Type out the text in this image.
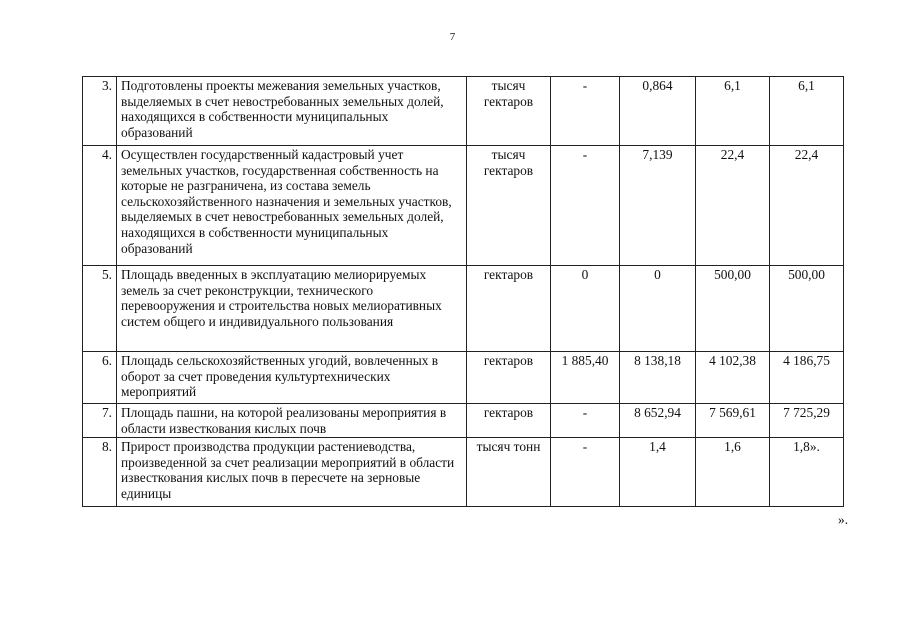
7
3.	Подготовлены проекты межевания земельных участков, выделяемых в счет невостребованных земельных долей, находящихся в собственности муниципальных образований	тысяч гектаров	-	0,864	6,1	6,1
4.	Осуществлен государственный кадастровый учет земельных участков, государственная собственность на которые не разграничена, из состава земель сельскохозяйственного назначения и земельных участков, выделяемых в счет невостребованных земельных долей, находящихся в собственности муниципальных образований	тысяч гектаров	-	7,139	22,4	22,4
5.	Площадь введенных в эксплуатацию мелиорируемых земель за счет реконструкции, технического перевооружения и строительства новых мелиоративных систем общего и индивидуального пользования	гектаров	0	0	500,00	500,00
6.	Площадь сельскохозяйственных угодий, вовлеченных в оборот за счет проведения культуртехнических мероприятий	гектаров	1 885,40	8 138,18	4 102,38	4 186,75
7.	Площадь пашни, на которой реализованы мероприятия в области известкования кислых почв	гектаров	-	8 652,94	7 569,61	7 725,29
8.	Прирост производства продукции растениеводства, произведенной за счет реализации мероприятий в области известкования кислых почв в пересчете на зерновые единицы	тысяч тонн	-	1,4	1,6	1,8».
».
